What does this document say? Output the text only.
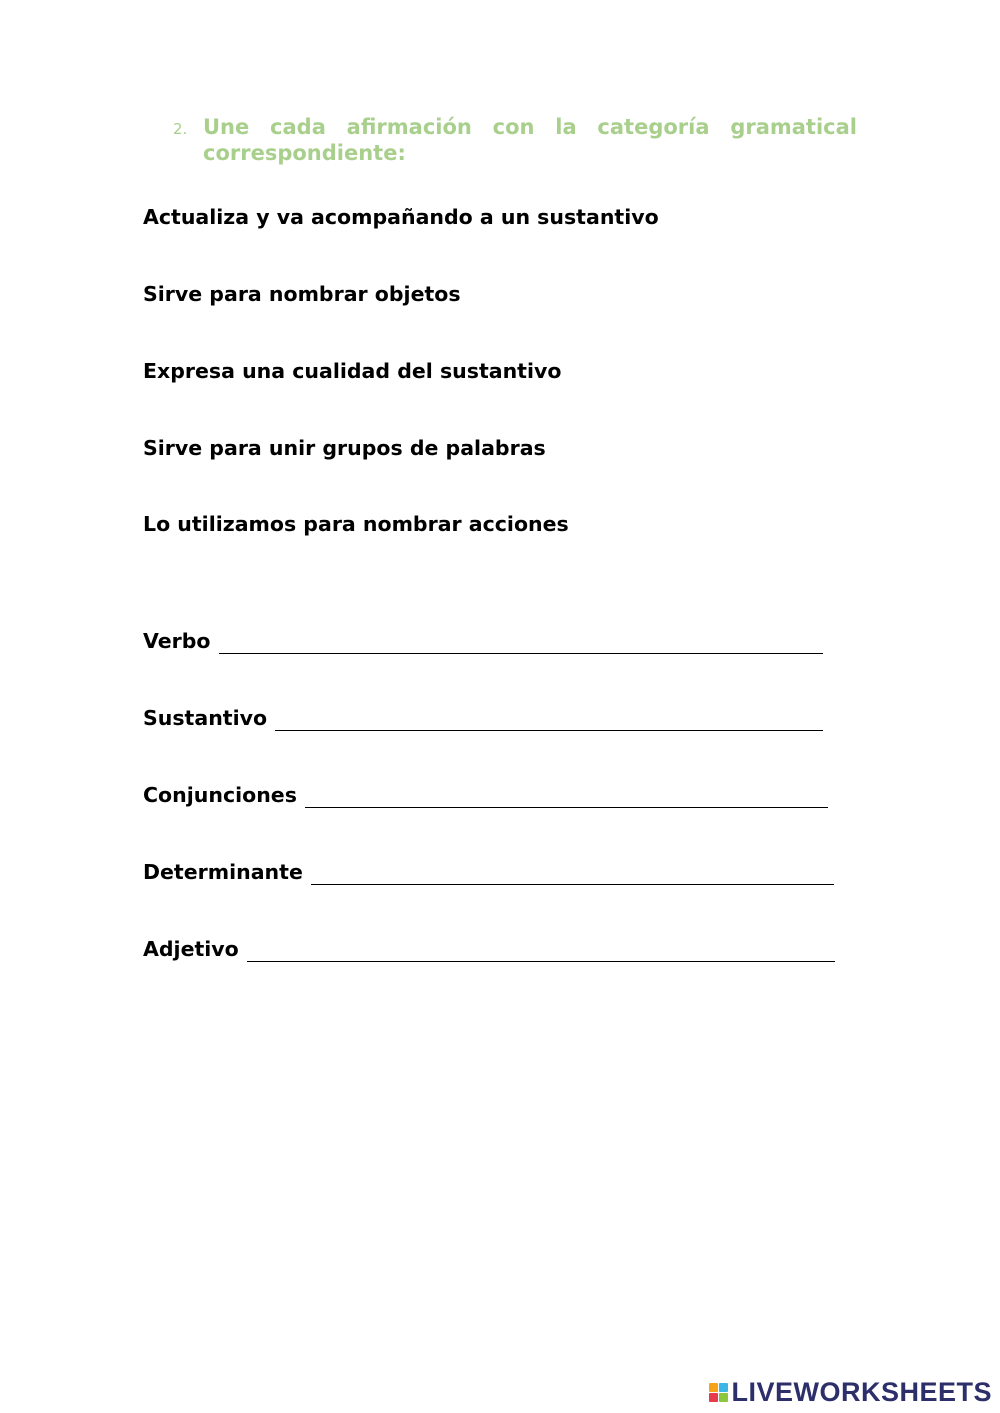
2. Une cada afirmación con la categoría gramatical correspondiente:
Actualiza y va acompañando a un sustantivo
Sirve para nombrar objetos
Expresa una cualidad del sustantivo
Sirve para unir grupos de palabras
Lo utilizamos para nombrar acciones
Verbo
Sustantivo
Conjunciones
Determinante
Adjetivo
LIVEWORKSHEETS
